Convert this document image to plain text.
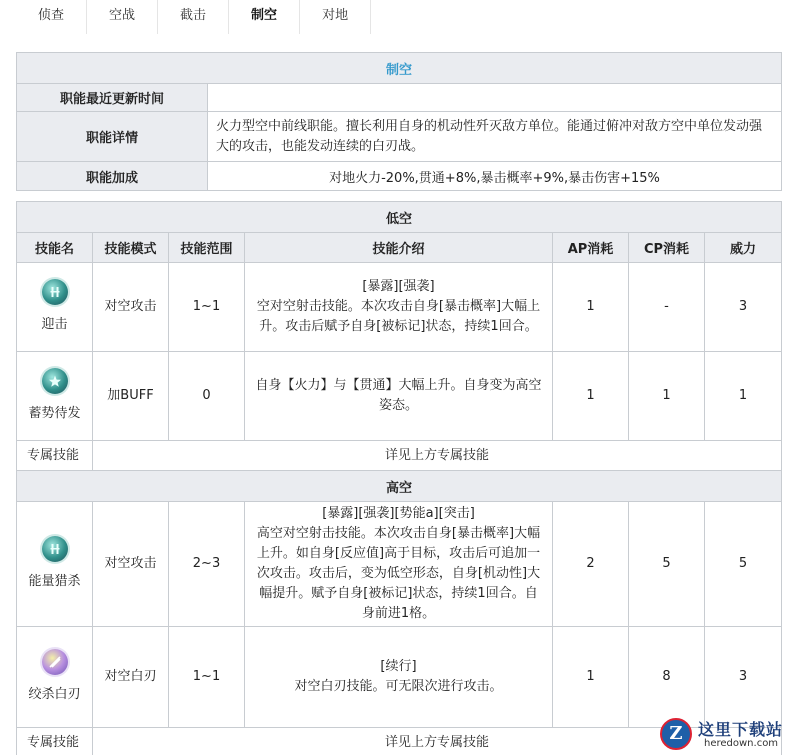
侦查	空战	截击	制空	对地
制空	
职能最近更新时间	
职能详情	火力型空中前线职能。擅长利用自身的机动性歼灭敌方单位。能通过俯冲对敌方空中单位发动强大的攻击，也能发动连续的白刃战。
职能加成	对地火力-20%,贯通+8%,暴击概率+9%,暴击伤害+15%
低空						
技能名	技能模式	技能范围	技能介绍	AP消耗	CP消耗	威力

迎击	对空攻击	1~1	[暴露][强袭]
空对空射击技能。本次攻击自身[暴击概率]大幅上升。攻击后赋予自身[被标记]状态，持续1回合。	1	-	3

蓄势待发	加BUFF	0	自身【火力】与【贯通】大幅上升。自身变为高空姿态。	1	1	1
专属技能	详见上方专属技能					
高空						

能量猎杀	对空攻击	2~3	[暴露][强袭][势能a][突击]
高空对空射击技能。本次攻击自身[暴击概率]大幅上升。如自身[反应值]高于目标，攻击后可追加一次攻击。攻击后，变为低空形态，自身[机动性]大幅提升。赋予自身[被标记]状态，持续1回合。自身前进1格。	2	5	5

绞杀白刃	对空白刃	1~1	[续行]
对空白刃技能。可无限次进行攻击。	1	8	3
专属技能	详见上方专属技能						Z 这里下载站
heredown.com
